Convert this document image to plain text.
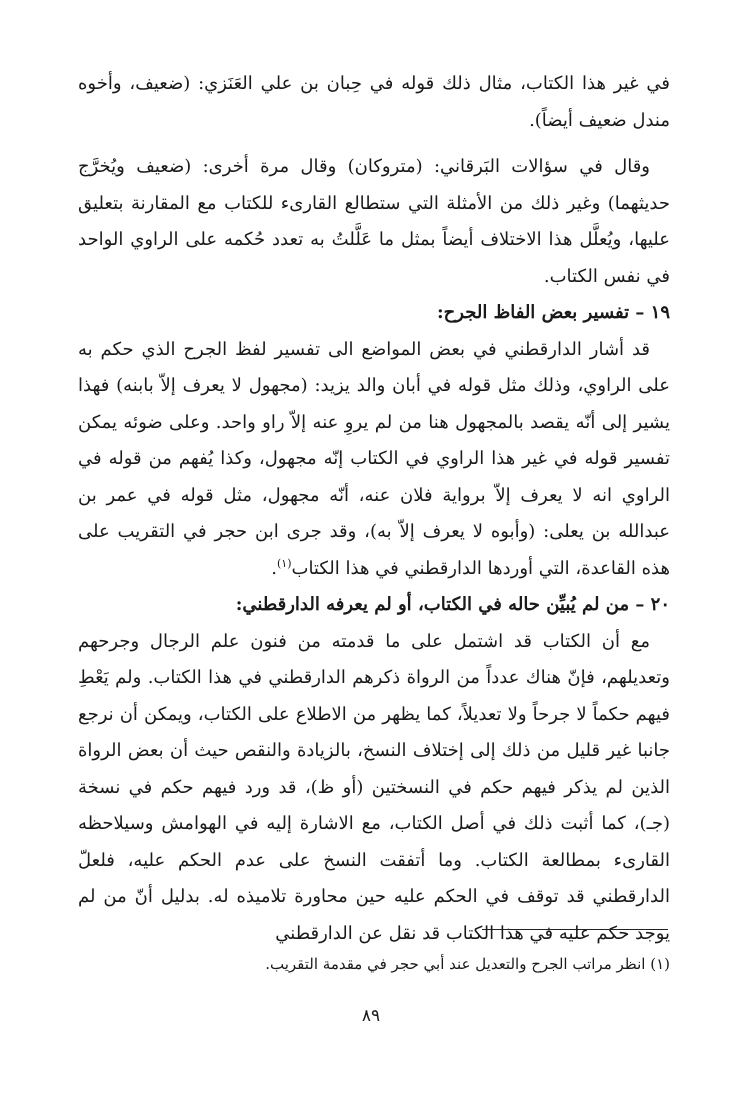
في غير هذا الكتاب، مثال ذلك قوله في حِبان بن علي العَنَزي: (ضعيف، وأخوه مندل ضعيف أيضاً).

وقال في سؤالات البَرقاني: (متروكان) وقال مرة أخرى: (ضعيف ويُخرَّج حديثهما) وغير ذلك من الأمثلة التي ستطالع القارىء للكتاب مع المقارنة بتعليق عليها، ويُعلَّل هذا الاختلاف أيضاً بمثل ما عَلَّلتُ به تعدد حُكمه على الراوي الواحد في نفس الكتاب.

١٩ – تفسير بعض الفاظ الجرح:

قد أشار الدارقطني في بعض المواضع الى تفسير لفظ الجرح الذي حكم به على الراوي، وذلك مثل قوله في أبان والد يزيد: (مجهول لا يعرف إلاّ بابنه) فهذا يشير إلى أنّه يقصد بالمجهول هنا من لم يروِ عنه إلاّ راو واحد. وعلى ضوئه يمكن تفسير قوله في غير هذا الراوي في الكتاب إنّه مجهول، وكذا يُفهم من قوله في الراوي انه لا يعرف إلاّ برواية فلان عنه، أنّه مجهول، مثل قوله في عمر بن عبدالله بن يعلى: (وأبوه لا يعرف إلاّ به)، وقد جرى ابن حجر في التقريب على هذه القاعدة، التي أوردها الدارقطني في هذا الكتاب$^{(١)}$.

٢٠ – من لم يُبيِّن حاله في الكتاب، أو لم يعرفه الدارقطني:

مع أن الكتاب قد اشتمل على ما قدمته من فنون علم الرجال وجرحهم وتعديلهم، فإنّ هناك عدداً من الرواة ذكرهم الدارقطني في هذا الكتاب. ولم يَعْطِ فيهم حكماً لا جرحاً ولا تعديلاً، كما يظهر من الاطلاع على الكتاب، ويمكن أن نرجع جانبا غير قليل من ذلك إلى إختلاف النسخ، بالزيادة والنقص حيث أن بعض الرواة الذين لم يذكر فيهم حكم في النسختين (أو ظ)، قد ورد فيهم حكم في نسخة (جـ)، كما أثبت ذلك في أصل الكتاب، مع الاشارة إليه في الهوامش وسيلاحظه القارىء بمطالعة الكتاب. وما أتفقت النسخ على عدم الحكم عليه، فلعلّ الدارقطني قد توقف في الحكم عليه حين محاورة تلاميذه له. بدليل أنّ من لم يوجد حكم عليه في هذا الكتاب قد نقل عن الدارقطني

(١) انظر مراتب الجرح والتعديل عند أبي حجر في مقدمة التقريب.
٨٩
